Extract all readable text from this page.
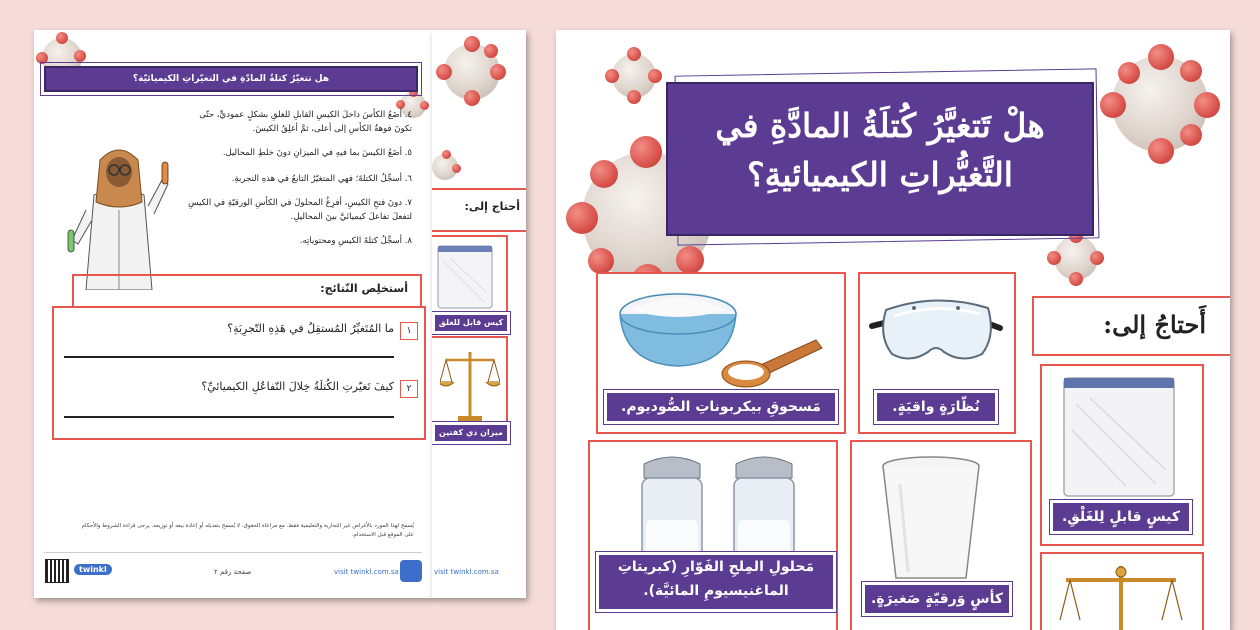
هل تتغيّرُ كتلةُ المادّةِ في التغيّراتِ الكيميائيّة؟
٤. أضَعُ الكأسَ داخلَ الكيسِ القابلِ للغلقِ بشكلٍ عموديٍّ، حتّى تكونَ فوهةُ الكأسِ إلى أعلى، ثمَّ أغلِقُ الكيسَ.
٥. أضَعُ الكيسَ بما فيهِ في الميزانِ دونَ خلطِ المحاليل.
٦. أسجِّلُ الكتلةَ؛ فهي المتغيّرُ التابعُ في هذهِ التجربةِ.
٧. دونَ فتحِ الكيسِ، أفرِغُ المحلولَ في الكأسِ الورقيّةِ في الكيسِ لتفعلَ تفاعلَ كيميائيَّ بينَ المحاليلِ.
٨. أسجِّلُ كتلةَ الكيسِ ومحتوياتِه.
أستخلِص النّتائج:
١
ما المُتَغيِّرُ المُستقِلُ في هَذِهِ التّجرِبَةِ؟
٢
كيفَ تَغيّرتِ الكُتلَةُ خِلالَ التّفاعُلِ الكيميائيِّ؟
يُسمح لهذا المورد بالأغراض غير التجارية والتعليمية فقط. مع مراعاة الحقوق. لا يُسمح بتعديله أو إعادة بيعه أو توزيعه. يرجى قراءة الشروط والأحكام على الموقع قبل الاستخدام.
twinkl	صفحة رقم ٢	visit twinkl.com.sa
أحتاج إلى:
كيس قابل للغلق
ميزان ذي كفتين
visit twinkl.com.sa
هلْ تَتغيَّرُ كُتلَةُ المادَّةِ في
التَّغيُّراتِ الكيميائيةِ؟
أَحتاجُ إلى:
مَسحوقِ بيكربوناتِ الصُّوديوم.	نُظّارَةٍ واقيَةٍ.
كيسٍ قابلٍ لِلغَلْقِ.
مَحلولِ المِلحِ الفَوّارِ (كبريتاتِ
الماغنيسيومِ المائيَّة).	كأسٍ وَرقيّةٍ صَغيرَةٍ.
